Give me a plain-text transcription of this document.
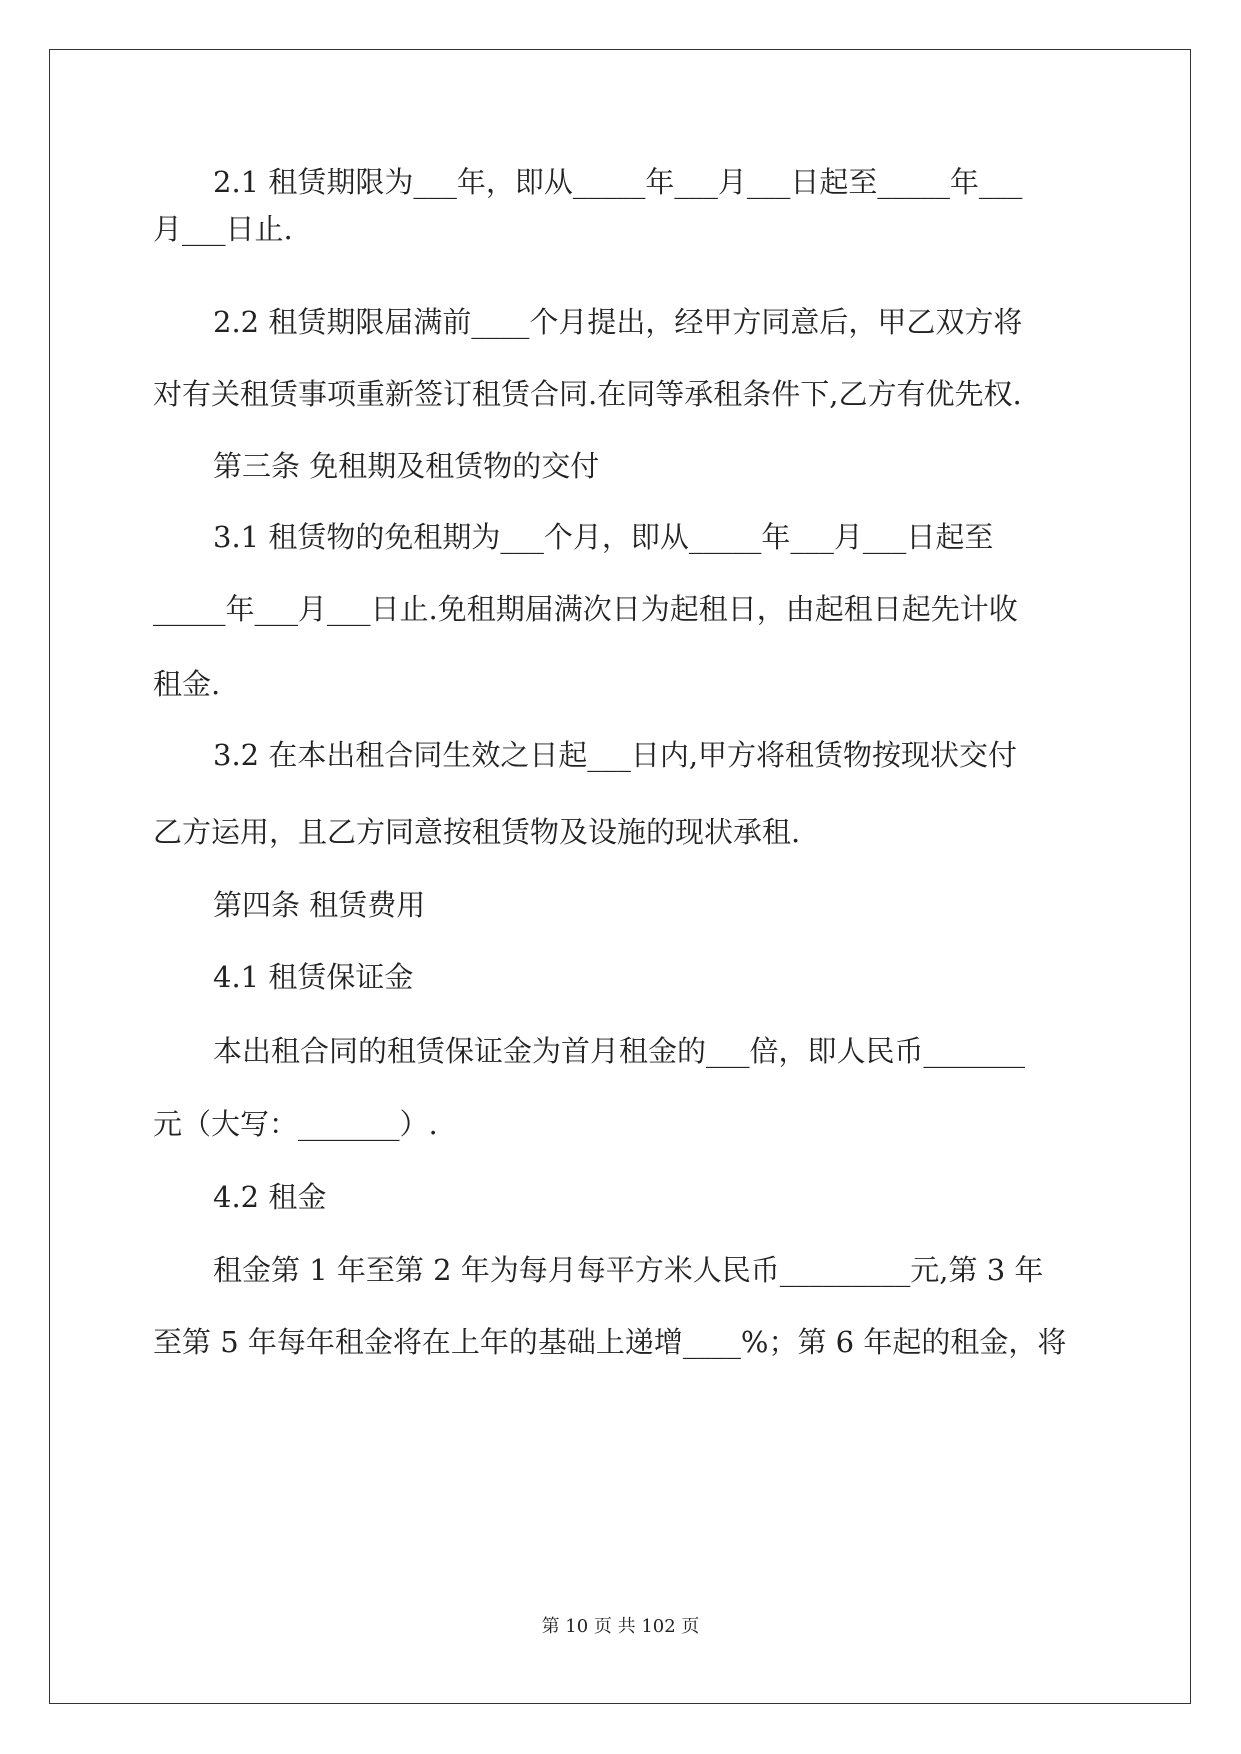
2.1 租赁期限为___年，即从_____年___月___日起至_____年___
月___日止.
2.2 租赁期限届满前____个月提出，经甲方同意后，甲乙双方将
对有关租赁事项重新签订租赁合同.在同等承租条件下,乙方有优先权.
第三条 免租期及租赁物的交付
3.1 租赁物的免租期为___个月，即从_____年___月___日起至
_____年___月___日止.免租期届满次日为起租日，由起租日起先计收
租金.
3.2 在本出租合同生效之日起___日内,甲方将租赁物按现状交付
乙方运用，且乙方同意按租赁物及设施的现状承租.
第四条 租赁费用
4.1 租赁保证金
本出租合同的租赁保证金为首月租金的___倍，即人民币_______
元（大写：_______）.
4.2 租金
租金第 1 年至第 2 年为每月每平方米人民币_________元,第 3 年
至第 5 年每年租金将在上年的基础上递增____%；第 6 年起的租金，将
第 10 页 共 102 页
